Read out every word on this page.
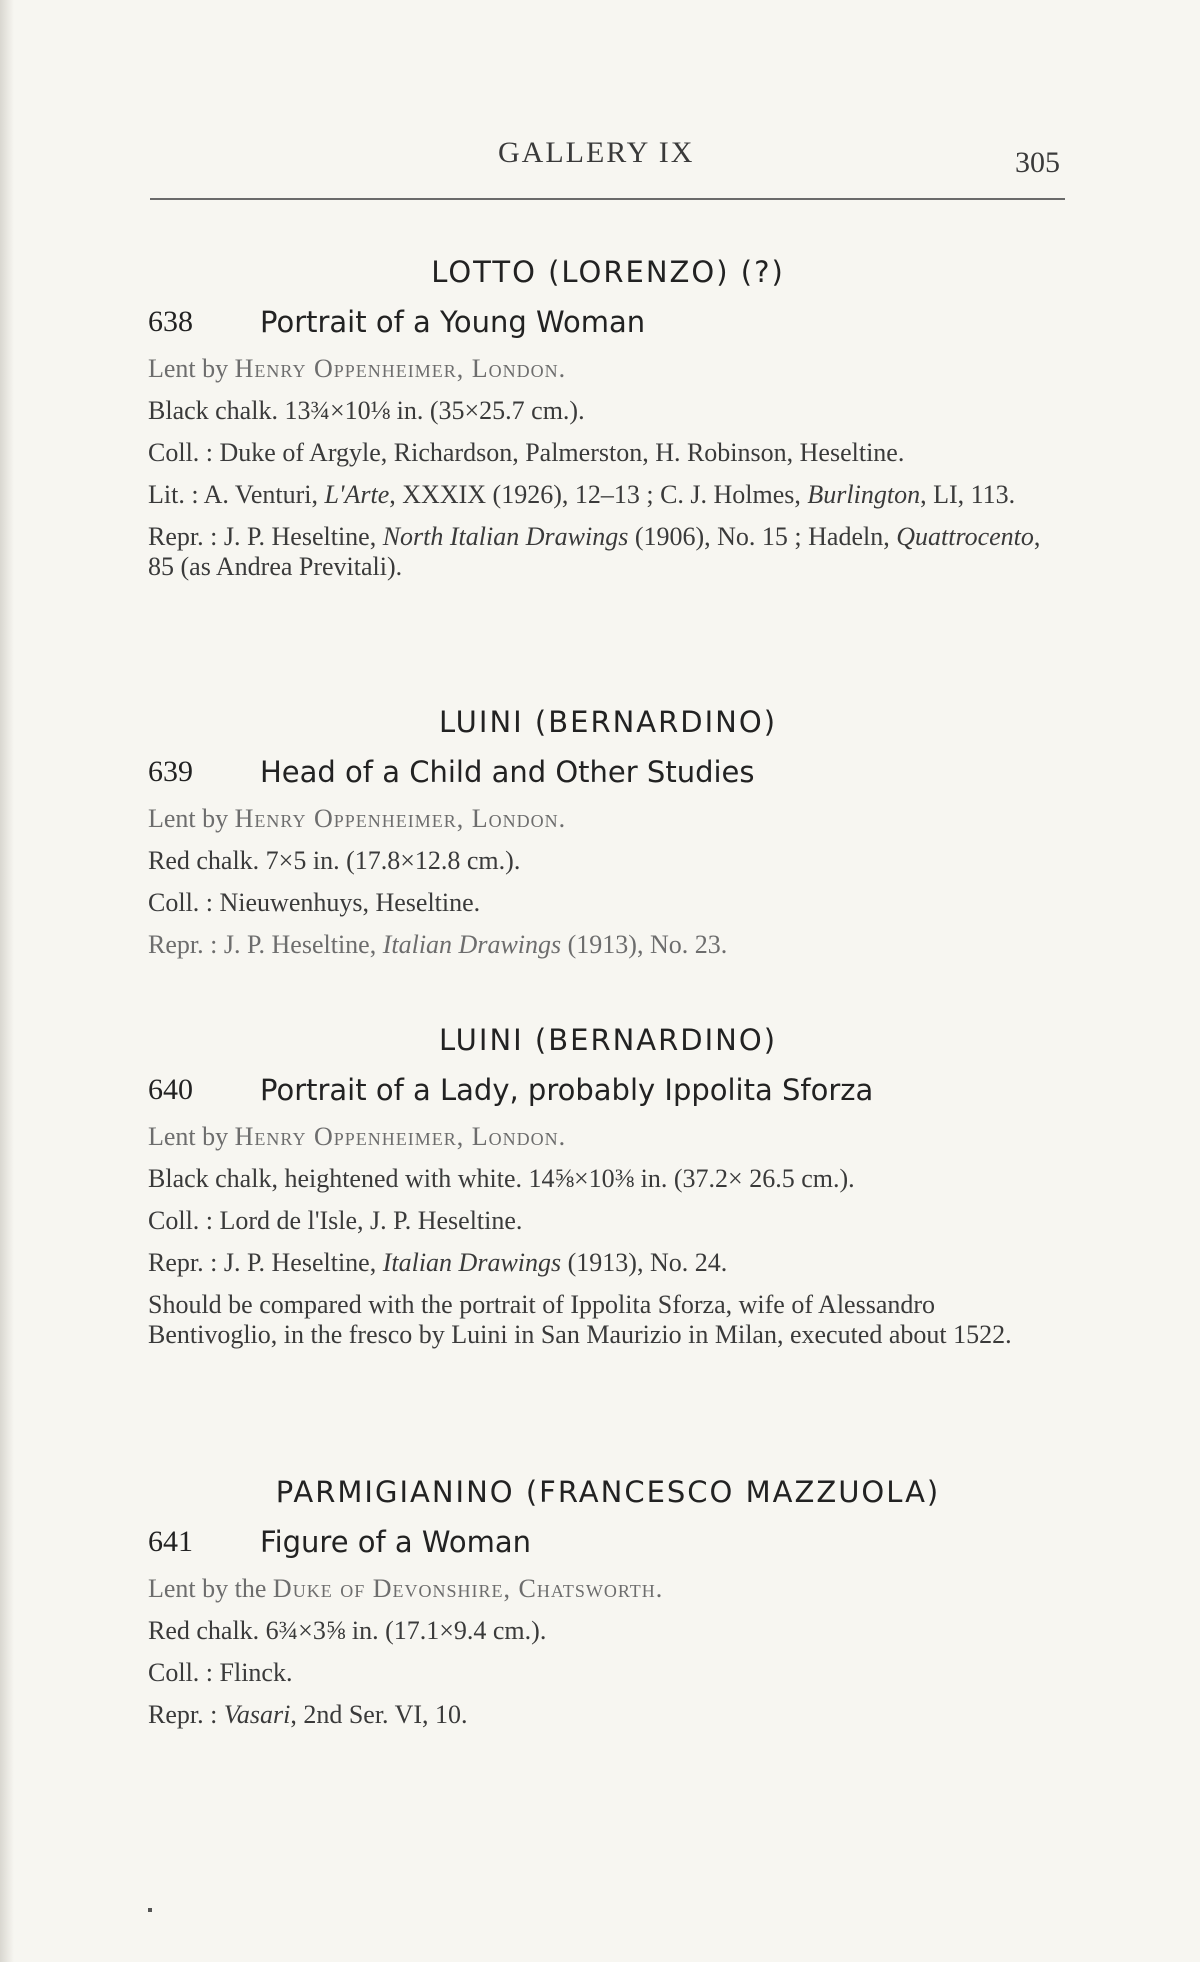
GALLERY IX	305
LOTTO (LORENZO) (?)
638	Portrait of a Young Woman
Lent by Henry Oppenheimer, London.
Black chalk. 13¾×10⅛ in. (35×25.7 cm.).
Coll. : Duke of Argyle, Richardson, Palmerston, H. Robinson, Heseltine.
Lit. : A. Venturi, L'Arte, XXXIX (1926), 12–13 ; C. J. Holmes, Burlington, LI, 113.
Repr. : J. P. Heseltine, North Italian Drawings (1906), No. 15 ; Hadeln, Quattrocento, 85 (as Andrea Previtali).
LUINI (BERNARDINO)
639	Head of a Child and Other Studies
Lent by Henry Oppenheimer, London.
Red chalk. 7×5 in. (17.8×12.8 cm.).
Coll. : Nieuwenhuys, Heseltine.
Repr. : J. P. Heseltine, Italian Drawings (1913), No. 23.
LUINI (BERNARDINO)
640	Portrait of a Lady, probably Ippolita Sforza
Lent by Henry Oppenheimer, London.
Black chalk, heightened with white. 14⅝×10⅜ in. (37.2× 26.5 cm.).
Coll. : Lord de l'Isle, J. P. Heseltine.
Repr. : J. P. Heseltine, Italian Drawings (1913), No. 24.
Should be compared with the portrait of Ippolita Sforza, wife of Alessandro Bentivoglio, in the fresco by Luini in San Maurizio in Milan, executed about 1522.
PARMIGIANINO (FRANCESCO MAZZUOLA)
641	Figure of a Woman
Lent by the Duke of Devonshire, Chatsworth.
Red chalk. 6¾×3⅝ in. (17.1×9.4 cm.).
Coll. : Flinck.
Repr. : Vasari, 2nd Ser. VI, 10.
